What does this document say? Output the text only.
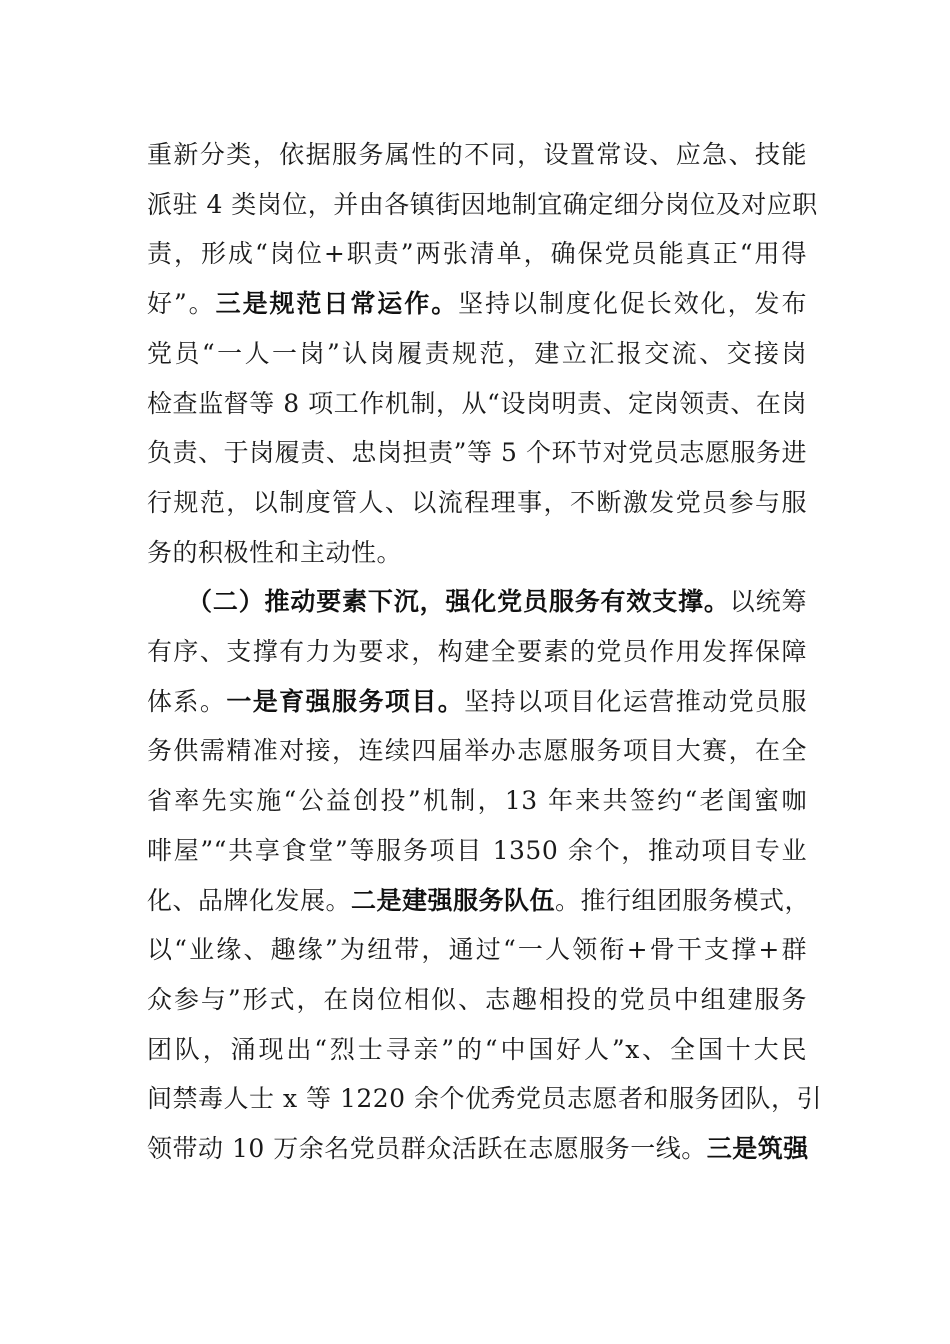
重新分类，依据服务属性的不同，设置常设、应急、技能
派驻 4 类岗位，并由各镇街因地制宜确定细分岗位及对应职
责，形成“岗位+职责”两张清单，确保党员能真正“用得
好”。三是规范日常运作。坚持以制度化促长效化，发布
党员“一人一岗”认岗履责规范，建立汇报交流、交接岗
检查监督等 8 项工作机制，从“设岗明责、定岗领责、在岗
负责、于岗履责、忠岗担责”等 5 个环节对党员志愿服务进
行规范，以制度管人、以流程理事，不断激发党员参与服
务的积极性和主动性。
（二）推动要素下沉，强化党员服务有效支撑。以统筹
有序、支撑有力为要求，构建全要素的党员作用发挥保障
体系。一是育强服务项目。坚持以项目化运营推动党员服
务供需精准对接，连续四届举办志愿服务项目大赛，在全
省率先实施“公益创投”机制，13 年来共签约“老闺蜜咖
啡屋”“共享食堂”等服务项目 1350 余个，推动项目专业
化、品牌化发展。二是建强服务队伍。推行组团服务模式，
以“业缘、趣缘”为纽带，通过“一人领衔+骨干支撑+群
众参与”形式，在岗位相似、志趣相投的党员中组建服务
团队，涌现出“烈士寻亲”的“中国好人”x、全国十大民
间禁毒人士 x 等 1220 余个优秀党员志愿者和服务团队，引
领带动 10 万余名党员群众活跃在志愿服务一线。三是筑强
